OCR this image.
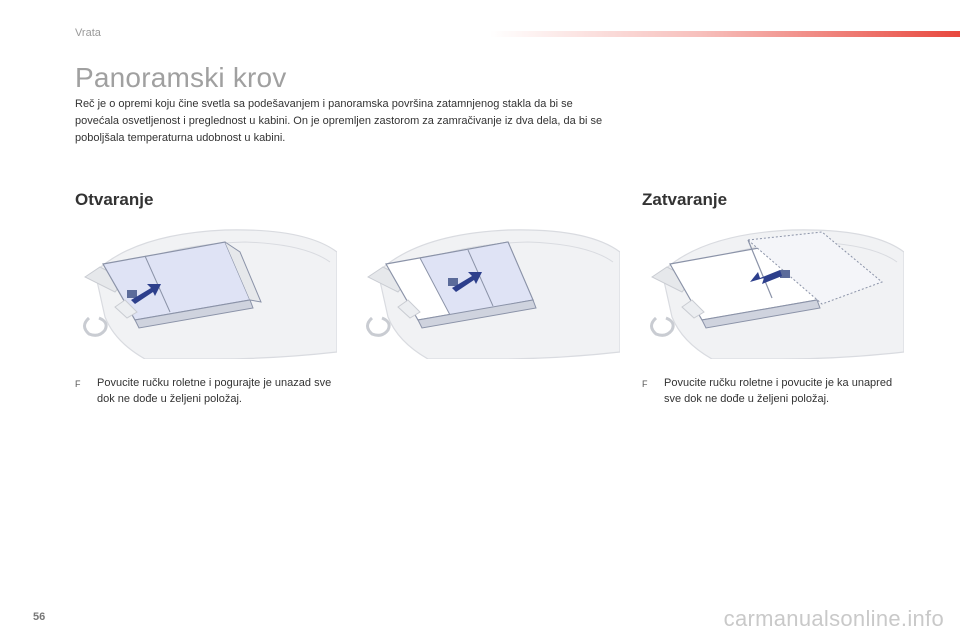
Vrata
Panoramski krov

Reč je o opremi koju čine svetla sa podešavanjem i panoramska površina zatamnjenog stakla da bi se povećala osvetljenost i preglednost u kabini. On je opremljen zastorom za zamračivanje iz dva dela, da bi se poboljšala temperaturna udobnost u kabini.

Otvaranje	Zatvaranje
F	Povucite ručku roletne i pogurajte je unazad sve dok ne dođe u željeni položaj.
F	Povucite ručku roletne i povucite je ka unapred sve dok ne dođe u željeni položaj.
56	carmanualsonline.info
